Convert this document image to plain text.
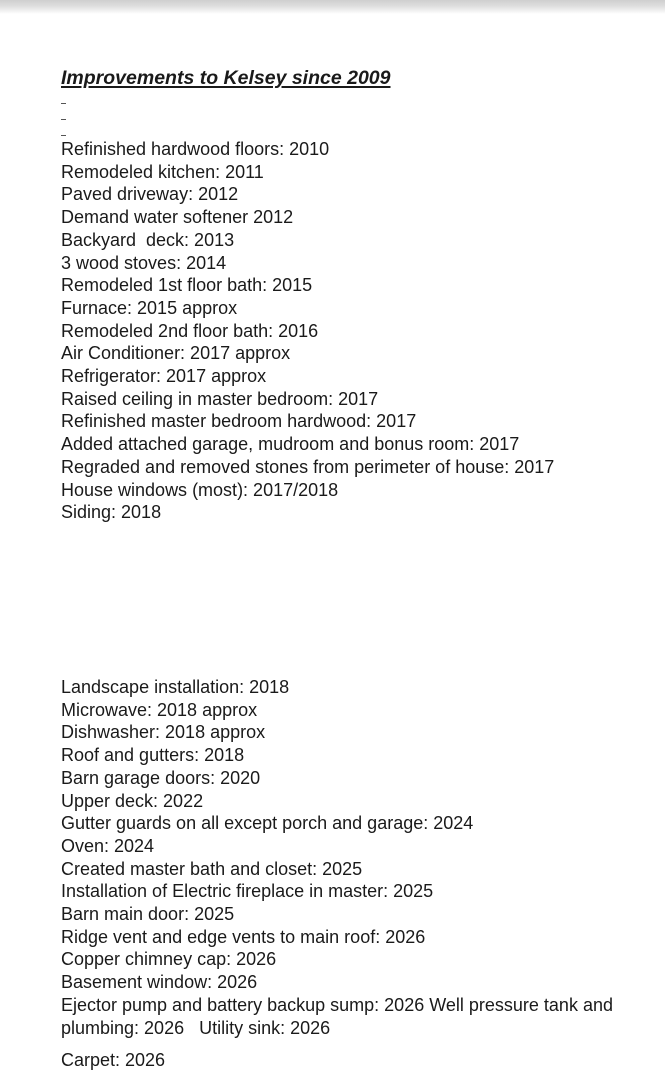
Improvements to Kelsey since 2009
Refinished hardwood floors: 2010
Remodeled kitchen: 2011
Paved driveway: 2012
Demand water softener 2012
Backyard  deck: 2013
3 wood stoves: 2014
Remodeled 1st floor bath: 2015
Furnace: 2015 approx
Remodeled 2nd floor bath: 2016
Air Conditioner: 2017 approx
Refrigerator: 2017 approx
Raised ceiling in master bedroom: 2017
Refinished master bedroom hardwood: 2017
Added attached garage, mudroom and bonus room: 2017
Regraded and removed stones from perimeter of house: 2017
House windows (most): 2017/2018
Siding: 2018
Landscape installation: 2018
Microwave: 2018 approx
Dishwasher: 2018 approx
Roof and gutters: 2018
Barn garage doors: 2020
Upper deck: 2022
Gutter guards on all except porch and garage: 2024
Oven: 2024
Created master bath and closet: 2025
Installation of Electric fireplace in master: 2025
Barn main door: 2025
Ridge vent and edge vents to main roof: 2026
Copper chimney cap: 2026
Basement window: 2026

Ejector pump and battery backup sump: 2026 Well pressure tank and plumbing: 2026   Utility sink: 2026

Carpet: 2026
